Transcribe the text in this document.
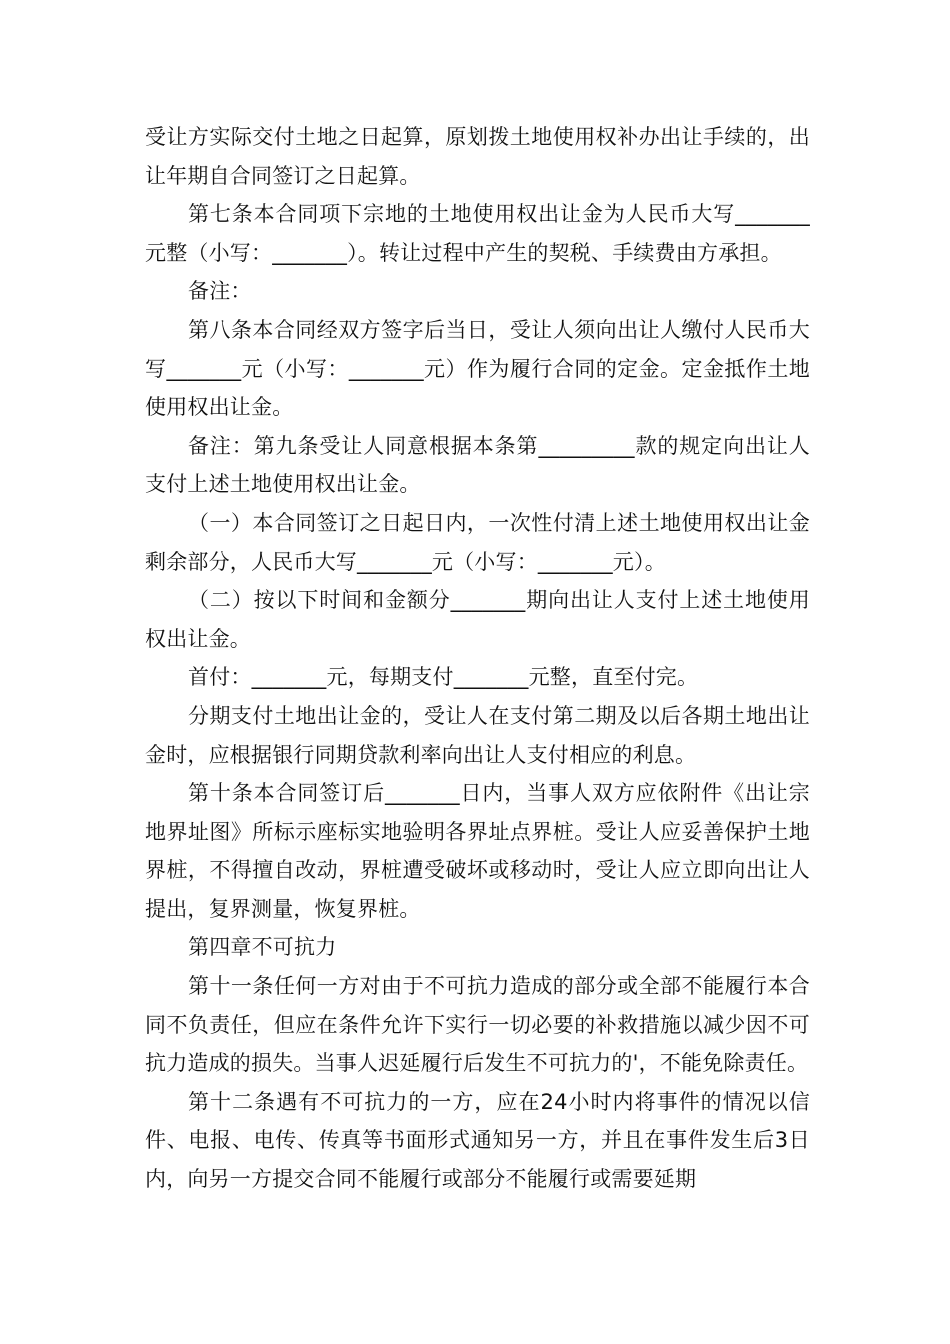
受让方实际交付土地之日起算，原划拨土地使用权补办出让手续的，出让年期自合同签订之日起算。

第七条本合同项下宗地的土地使用权出让金为人民币大写_______元整（小写：_______）。转让过程中产生的契税、手续费由方承担。

备注：

第八条本合同经双方签字后当日，受让人须向出让人缴付人民币大写_______元（小写：_______元）作为履行合同的定金。定金抵作土地使用权出让金。

备注：第九条受让人同意根据本条第_________款的规定向出让人支付上述土地使用权出让金。

（一）本合同签订之日起日内，一次性付清上述土地使用权出让金剩余部分，人民币大写_______元（小写：_______元）。

（二）按以下时间和金额分_______期向出让人支付上述土地使用权出让金。

首付：_______元，每期支付_______元整，直至付完。

分期支付土地出让金的，受让人在支付第二期及以后各期土地出让金时，应根据银行同期贷款利率向出让人支付相应的利息。

第十条本合同签订后_______日内，当事人双方应依附件《出让宗地界址图》所标示座标实地验明各界址点界桩。受让人应妥善保护土地界桩，不得擅自改动，界桩遭受破坏或移动时，受让人应立即向出让人提出，复界测量，恢复界桩。

第四章不可抗力

第十一条任何一方对由于不可抗力造成的部分或全部不能履行本合同不负责任，但应在条件允许下实行一切必要的补救措施以减少因不可抗力造成的损失。当事人迟延履行后发生不可抗力的'，不能免除责任。

第十二条遇有不可抗力的一方，应在24小时内将事件的情况以信件、电报、电传、传真等书面形式通知另一方，并且在事件发生后3日内，向另一方提交合同不能履行或部分不能履行或需要延期
